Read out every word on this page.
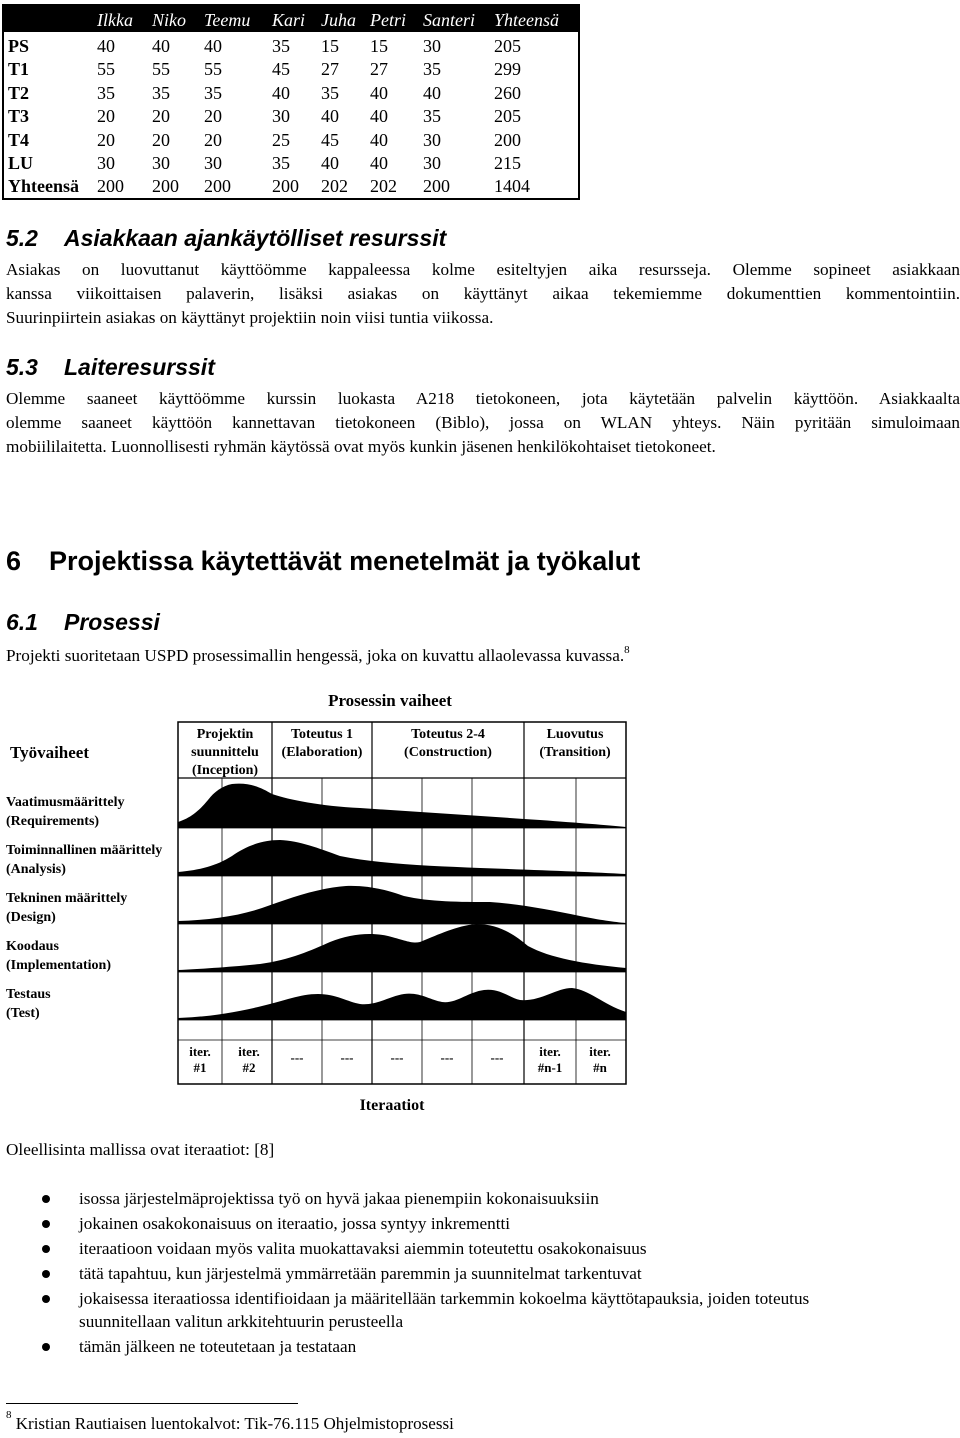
Ilkka Niko Teemu Kari Juha Petri Santeri Yhteensä
PS	40 40 40	35 15 15 30	205
T1	55 55 55	45 27 27 35	299
T2	35 35 35	40 35 40 40	260
T3	20 20 20	30 40 40 35	205
T4	20 20 20	25 45 40 30	200
LU	30 30 30	35 40 40 30	215
Yhteensä 200 200 200 200 202 202 200 1404
5.2 Asiakkaan ajankäytölliset resurssit
Asiakas on luovuttanut käyttöömme kappaleessa kolme esiteltyjen aika resursseja. Olemme sopineet asiakkaan
kanssa viikoittaisen palaverin, lisäksi asiakas on käyttänyt aikaa tekemiemme dokumenttien kommentointiin.
Suurinpiirtein asiakas on käyttänyt projektiin noin viisi tuntia viikossa.
5.3 Laiteresurssit
Olemme saaneet käyttöömme kurssin luokasta A218 tietokoneen, jota käytetään palvelin käyttöön. Asiakkaalta
olemme saaneet käyttöön kannettavan tietokoneen (Biblo), jossa on WLAN yhteys. Näin pyritään simuloimaan
mobiililaitetta. Luonnollisesti ryhmän käytössä ovat myös kunkin jäsenen henkilökohtaiset tietokoneet.
6 Projektissa käytettävät menetelmät ja työkalut
6.1 Prosessi
Projekti suoritetaan USPD prosessimallin hengessä, joka on kuvattu allaolevassa kuvassa.$^8$
Prosessin vaiheet
Työvaiheet
Iteraatiot
Projektin
suunnittelu
(Inception)
Toteutus 1
(Elaboration)
Toteutus 2-4
(Construction)
Luovutus
(Transition)
Vaatimusmäärittely
(Requirements)
Toiminnallinen määrittely
(Analysis)
Tekninen määrittely
(Design)
Koodaus
(Implementation)
Testaus
(Test)
iter.
#1
iter.
#2
---	---	---	---	---	iter.
#n-1
iter.
#n
Oleellisinta mallissa ovat iteraatiot: [8]
isossa järjestelmäprojektissa työ on hyvä jakaa pienempiin kokonaisuuksiin
jokainen osakokonaisuus on iteraatio, jossa syntyy inkrementti
iteraatioon voidaan myös valita muokattavaksi aiemmin toteutettu osakokonaisuus
tätä tapahtuu, kun järjestelmä ymmärretään paremmin ja suunnitelmat tarkentuvat
jokaisessa iteraatiossa identifioidaan ja määritellään tarkemmin kokoelma käyttötapauksia, joiden toteutus
suunnitellaan valitun arkkitehtuurin perusteella
tämän jälkeen ne toteutetaan ja testataan
$^8$ Kristian Rautiaisen luentokalvot: Tik-76.115 Ohjelmistoprosessi
